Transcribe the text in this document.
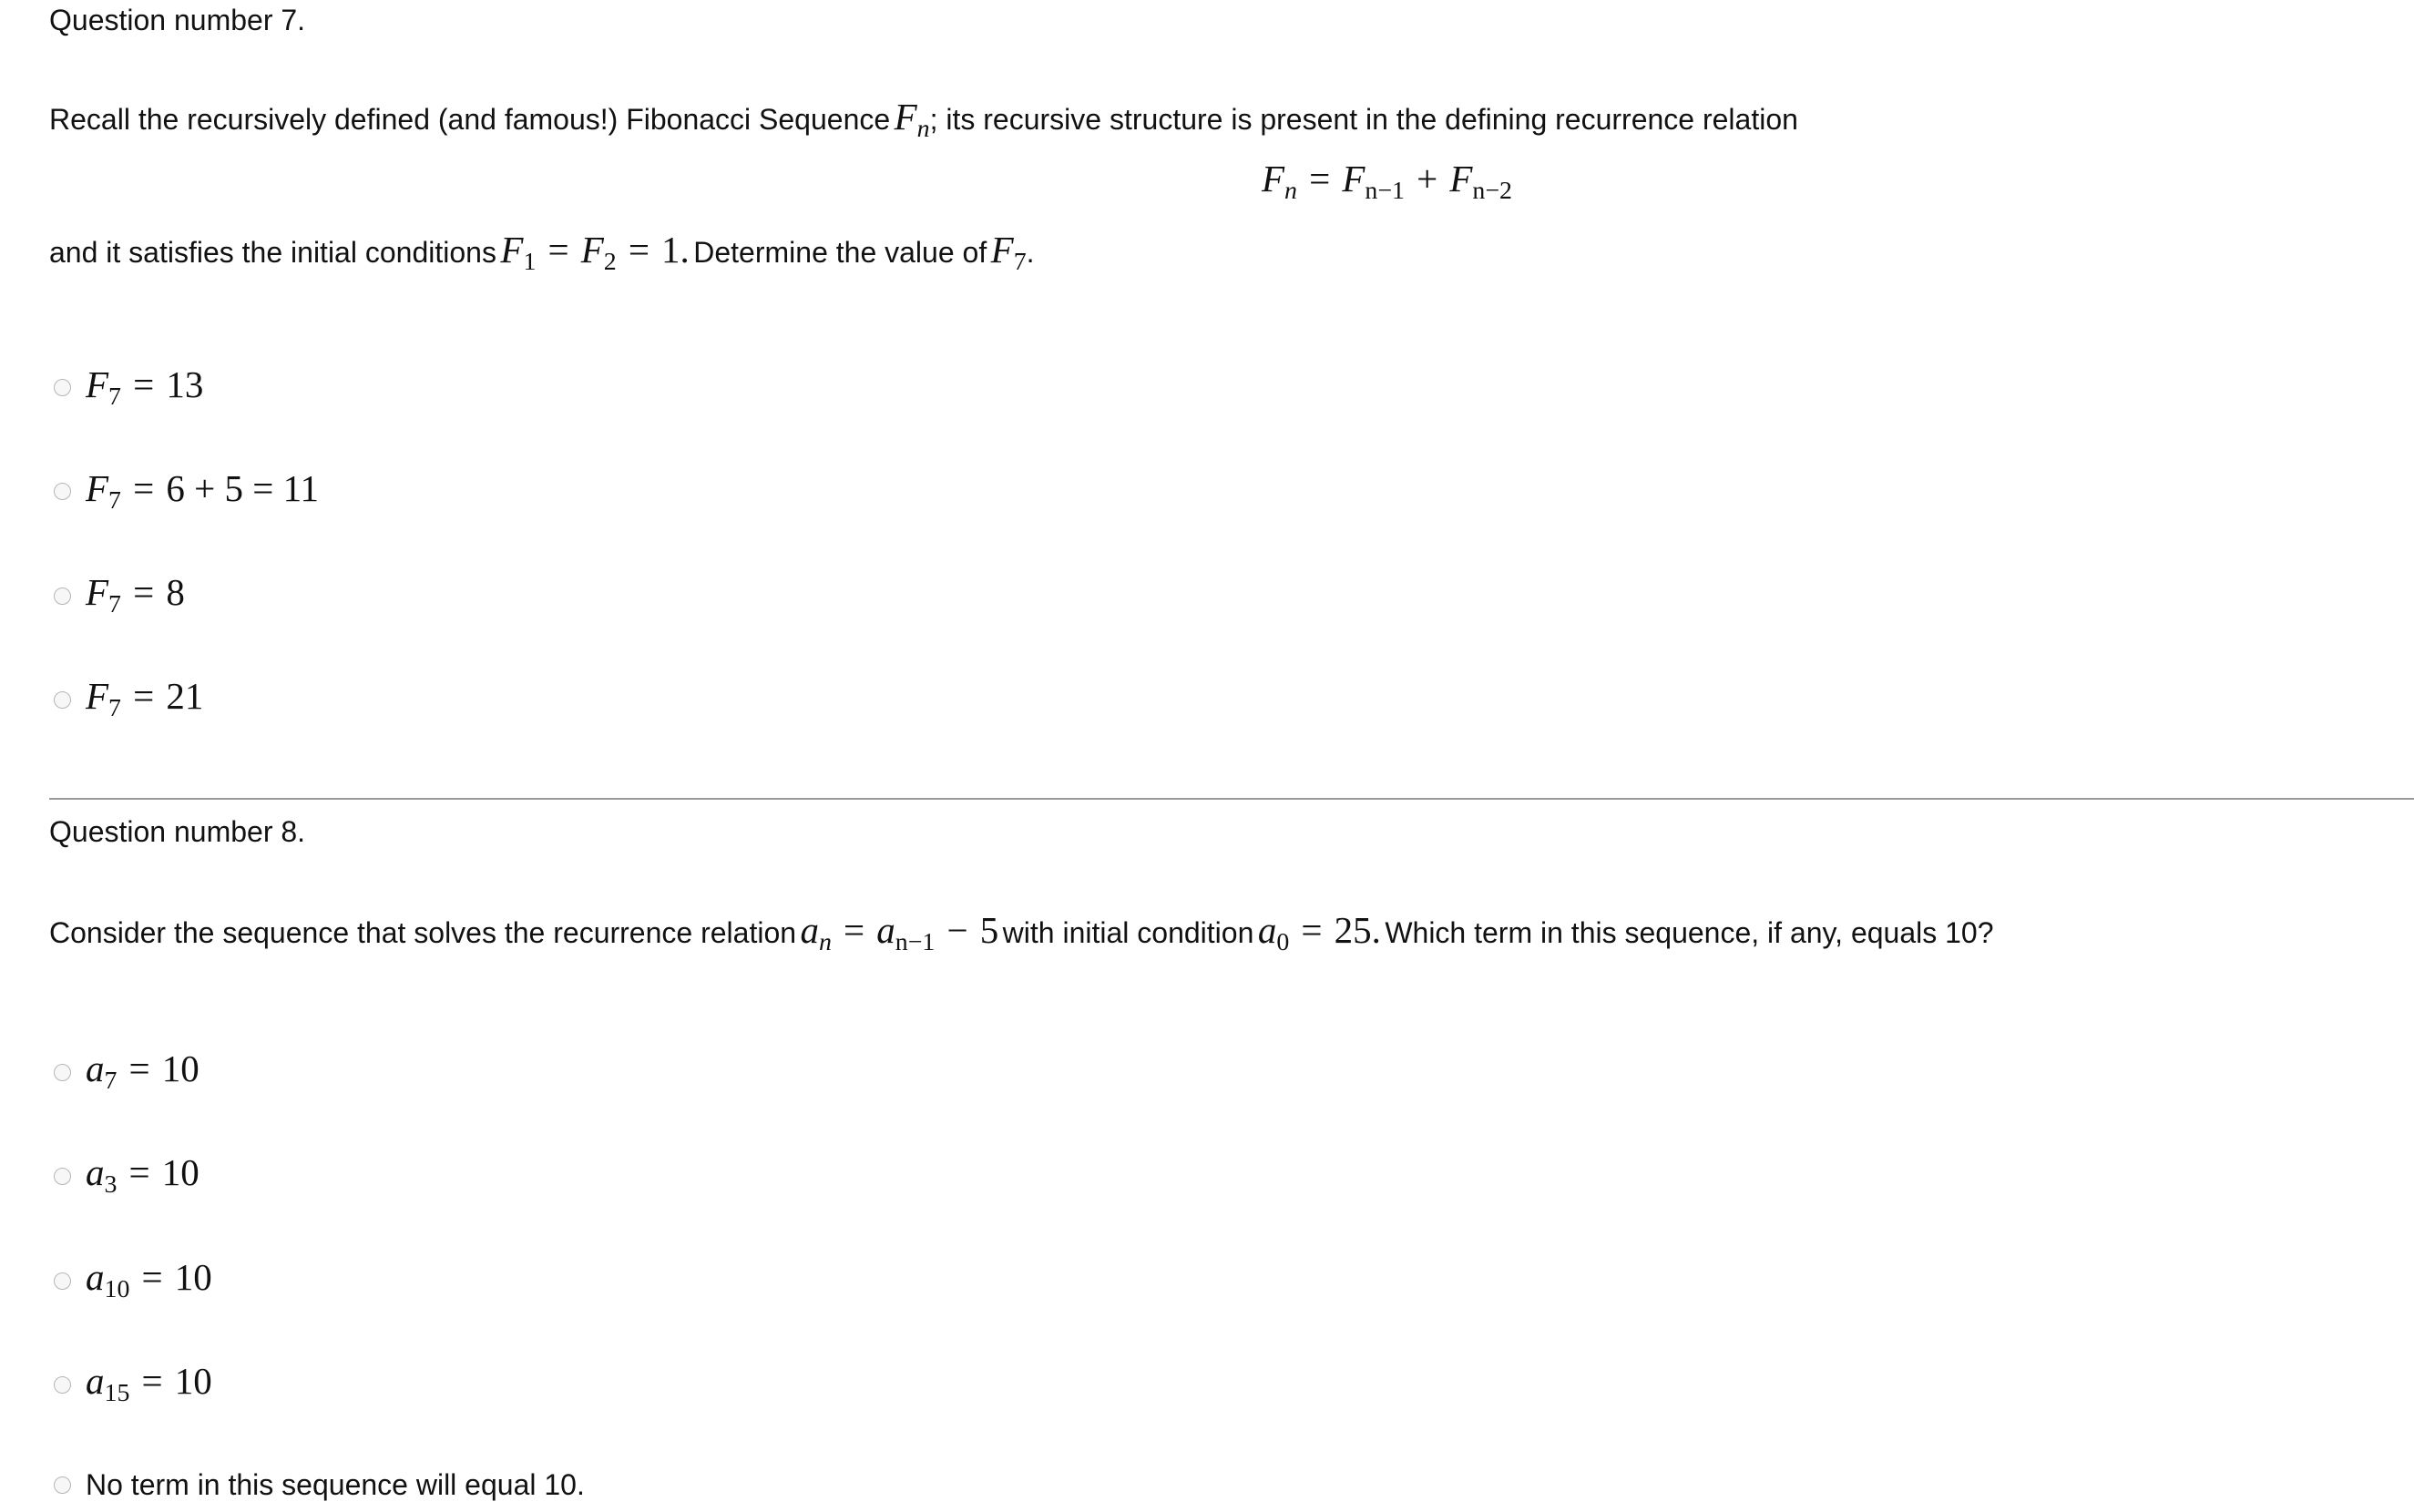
Question number 7.
Recall the recursively defined (and famous!) Fibonacci Sequence $F_n$; its recursive structure is present in the defining recurrence relation
$F_n = F_{n-1} + F_{n-2}$
and it satisfies the initial conditions $F_1 = F_2 = 1$. Determine the value of $F_7$.
$F_7 = 13$
$F_7 = 6 + 5 = 11$
$F_7 = 8$
$F_7 = 21$
Question number 8.
Consider the sequence that solves the recurrence relation $a_n = a_{n-1} - 5$ with initial condition $a_0 = 25$. Which term in this sequence, if any, equals 10?
$a_7 = 10$
$a_3 = 10$
$a_{10} = 10$
$a_{15} = 10$
No term in this sequence will equal 10.
